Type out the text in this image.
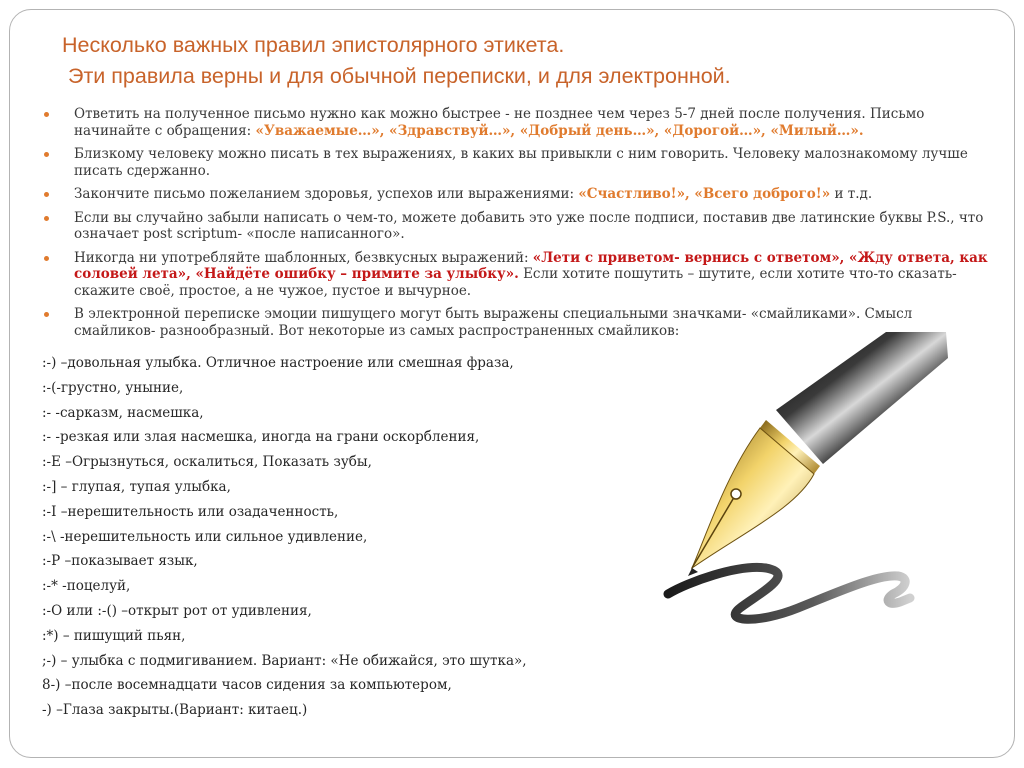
Несколько важных правил эпистолярного этикета.
Эти правила верны и для обычной переписки, и для электронной.
Ответить на полученное письмо нужно как можно быстрее - не позднее чем через 5-7 дней после получения. Письмо начинайте с обращения: «Уважаемые…», «Здравствуй…», «Добрый день…», «Дорогой…», «Милый…».
Близкому человеку можно писать в тех выражениях, в каких вы привыкли с ним говорить. Человеку малознакомому лучше писать сдержанно.
Закончите письмо пожеланием здоровья, успехов или выражениями: «Счастливо!», «Всего доброго!» и т.д.
Если вы случайно забыли написать о чем-то, можете добавить это уже после подписи, поставив две латинские буквы P.S., что означает post scriptum- «после написанного».
Никогда ни употребляйте шаблонных, безвкусных выражений: «Лети с приветом- вернись с ответом», «Жду ответа, как соловей лета», «Найдёте ошибку – примите за улыбку». Если хотите пошутить – шутите, если хотите что-то сказать- скажите своё, простое, а не чужое, пустое и вычурное.
В электронной переписке эмоции пишущего могут быть выражены специальными значками- «смайликами». Смысл смайликов- разнообразный. Вот некоторые из самых распространенных смайликов:
:-) –довольная улыбка. Отличное настроение или смешная фраза,
:-(-грустно, уныние,
:- -сарказм, насмешка,
:- -резкая или злая насмешка, иногда на грани оскорбления,
:-E –Огрызнуться, оскалиться, Показать зубы,
:-] – глупая, тупая улыбка,
:-I –нерешительность или озадаченность,
:-\ -нерешительность или сильное удивление,
:-P –показывает язык,
:-* -поцелуй,
:-O или :-() –открыт рот от удивления,
:*) – пишущий пьян,
;-) – улыбка с подмигиванием. Вариант: «Не обижайся, это шутка»,
8-) –после восемнадцати часов сидения за компьютером,
-) –Глаза закрыты.(Вариант: китаец.)
